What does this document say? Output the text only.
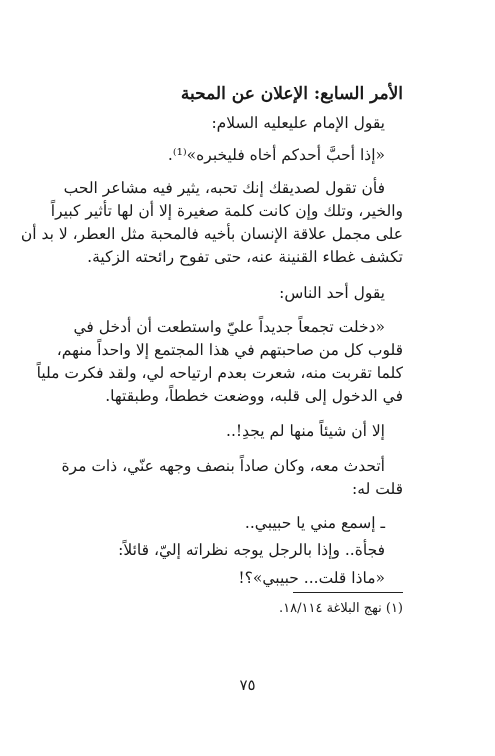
الأمر السابع: الإعلان عن المحبة
يقول الإمام عليعليه السلام:
«إذا أحبَّ أحدكم أخاه فليخبره»⁽¹⁾.
فأن تقول لصديقك إنك تحبه، يثير فيه مشاعر الحب
والخير، وتلك وإن كانت كلمة صغيرة إلا أن لها تأثير كبيراً
على مجمل علاقة الإنسان بأخيه فالمحبة مثل العطر، لا بد أن
تكشف غطاء القنينة عنه، حتى تفوح رائحته الزكية.
يقول أحد الناس:
«دخلت تجمعاً جديداً عليّ واستطعت أن أدخل في
قلوب كل من صاحبتهم في هذا المجتمع إلا واحداً منهم،
كلما تقربت منه، شعرت بعدم ارتياحه لي، ولقد فكرت ملياً
في الدخول إلى قلبه، ووضعت خططاً، وطبقتها.
إلا أن شيئاً منها لم يجدِ!..
أتحدث معه، وكان صاداً بنصف وجهه عنّي، ذات مرة
قلت له:
ـ إسمع مني يا حبيبي..
فجأة.. وإذا بالرجل يوجه نظراته إليّ، قائلاً:
«ماذا قلت... حبيبي»؟!
(١) نهج البلاغة ١٨/١١٤.
٧٥
